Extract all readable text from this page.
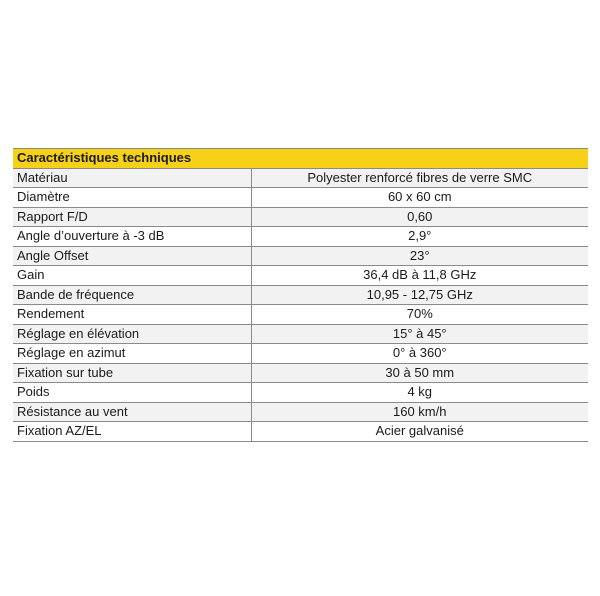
Caractéristiques techniques	
Matériau	Polyester renforcé fibres de verre SMC
Diamètre	60 x 60 cm
Rapport F/D	0,60
Angle d’ouverture à -3 dB	2,9°
Angle Offset	23°
Gain	36,4 dB à 11,8 GHz
Bande de fréquence	10,95 - 12,75 GHz
Rendement	70%
Réglage en élévation	15° à 45°
Réglage en azimut	0° à 360°
Fixation sur tube	30 à 50 mm
Poids	4 kg
Résistance au vent	160 km/h
Fixation AZ/EL	Acier galvanisé
